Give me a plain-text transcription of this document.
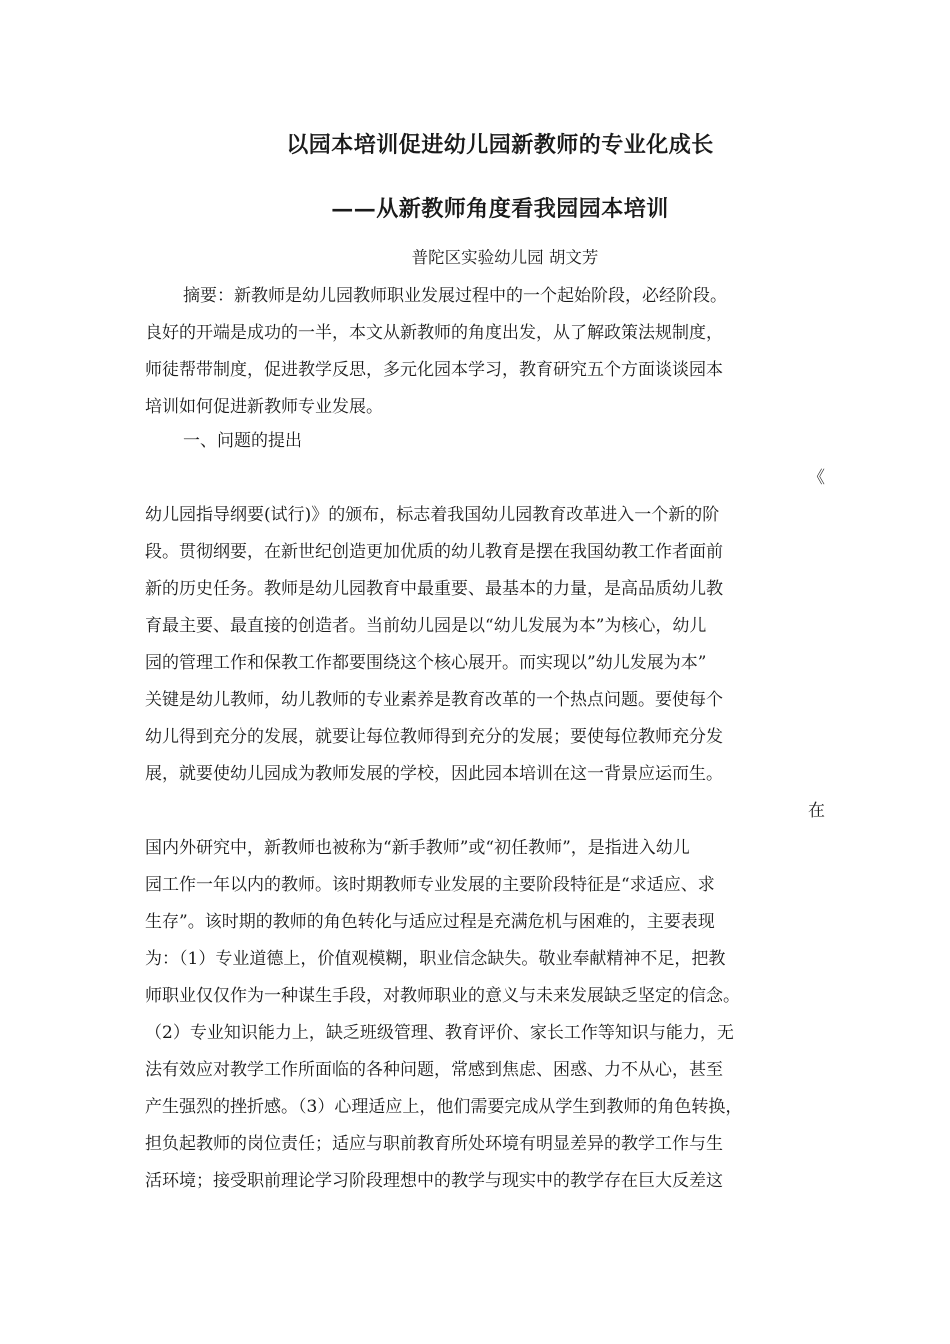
以园本培训促进幼儿园新教师的专业化成长
——从新教师角度看我园园本培训
普陀区实验幼儿园 胡文芳
摘要：新教师是幼儿园教师职业发展过程中的一个起始阶段，必经阶段。
良好的开端是成功的一半，本文从新教师的角度出发，从了解政策法规制度，
师徒帮带制度，促进教学反思，多元化园本学习，教育研究五个方面谈谈园本
培训如何促进新教师专业发展。
一、问题的提出
《
幼儿园指导纲要(试行)》的颁布，标志着我国幼儿园教育改革进入一个新的阶
段。贯彻纲要，在新世纪创造更加优质的幼儿教育是摆在我国幼教工作者面前
新的历史任务。教师是幼儿园教育中最重要、最基本的力量，是高品质幼儿教
育最主要、最直接的创造者。当前幼儿园是以“幼儿发展为本”为核心，幼儿
园的管理工作和保教工作都要围绕这个核心展开。而实现以”幼儿发展为本”
关键是幼儿教师，幼儿教师的专业素养是教育改革的一个热点问题。要使每个
幼儿得到充分的发展，就要让每位教师得到充分的发展；要使每位教师充分发
展，就要使幼儿园成为教师发展的学校，因此园本培训在这一背景应运而生。
在
国内外研究中，新教师也被称为“新手教师”或“初任教师”，是指进入幼儿
园工作一年以内的教师。该时期教师专业发展的主要阶段特征是“求适应、求
生存”。该时期的教师的角色转化与适应过程是充满危机与困难的，主要表现
为：（1）专业道德上，价值观模糊，职业信念缺失。敬业奉献精神不足，把教
师职业仅仅作为一种谋生手段，对教师职业的意义与未来发展缺乏坚定的信念。
（2）专业知识能力上，缺乏班级管理、教育评价、家长工作等知识与能力，无
法有效应对教学工作所面临的各种问题，常感到焦虑、困惑、力不从心，甚至
产生强烈的挫折感。（3）心理适应上，他们需要完成从学生到教师的角色转换，
担负起教师的岗位责任；适应与职前教育所处环境有明显差异的教学工作与生
活环境；接受职前理论学习阶段理想中的教学与现实中的教学存在巨大反差这
